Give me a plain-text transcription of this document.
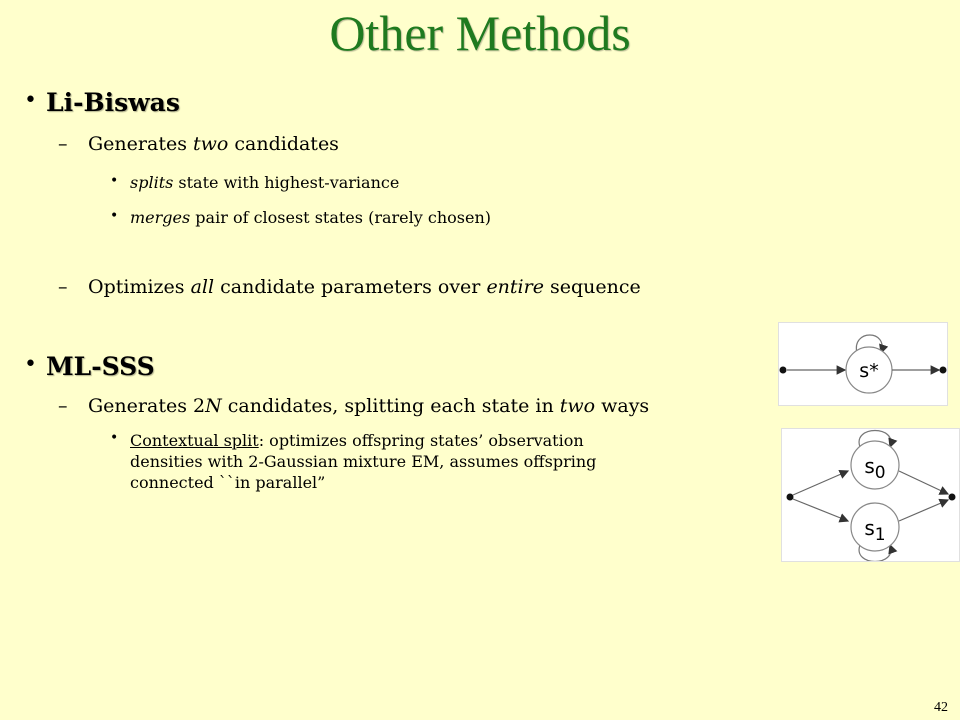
Other Methods
• Li-Biswas
– Generates two candidates
• splits state with highest-variance
• merges pair of closest states (rarely chosen)
– Optimizes all candidate parameters over entire sequence
• ML-SSS
– Generates 2N candidates, splitting each state in two ways
• Contextual split: optimizes offspring states’ observation
densities with 2-Gaussian mixture EM, assumes offspring
connected ``in parallel”
s*
$s_0$
$s_1$
42
